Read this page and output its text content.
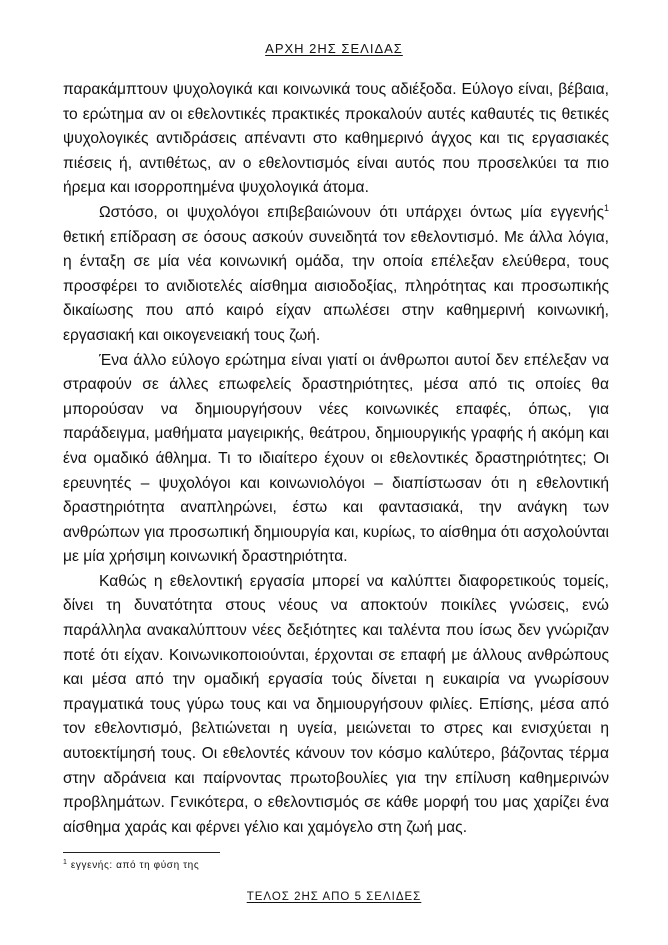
ΑΡΧΗ 2ΗΣ ΣΕΛΙΔΑΣ

παρακάμπτουν ψυχολογικά και κοινωνικά τους αδιέξοδα. Εύλογο είναι, βέβαια, το ερώτημα αν οι εθελοντικές πρακτικές προκαλούν αυτές καθαυτές τις θετικές ψυχολογικές αντιδράσεις απέναντι στο καθημερινό άγχος και τις εργασιακές πιέσεις ή, αντιθέτως, αν ο εθελοντισμός είναι αυτός που προσελκύει τα πιο ήρεμα και ισορροπημένα ψυχολογικά άτομα.

Ωστόσο, οι ψυχολόγοι επιβεβαιώνουν ότι υπάρχει όντως μία εγγενής$^1$ θετική επίδραση σε όσους ασκούν συνειδητά τον εθελοντισμό. Με άλλα λόγια, η ένταξη σε μία νέα κοινωνική ομάδα, την οποία επέλεξαν ελεύθερα, τους προσφέρει το ανιδιοτελές αίσθημα αισιοδοξίας, πληρότητας και προσωπικής δικαίωσης που από καιρό είχαν απωλέσει στην καθημερινή κοινωνική, εργασιακή και οικογενειακή τους ζωή.

Ένα άλλο εύλογο ερώτημα είναι γιατί οι άνθρωποι αυτοί δεν επέλεξαν να στραφούν σε άλλες επωφελείς δραστηριότητες, μέσα από τις οποίες θα μπορούσαν να δημιουργήσουν νέες κοινωνικές επαφές, όπως, για παράδειγμα, μαθήματα μαγειρικής, θεάτρου, δημιουργικής γραφής ή ακόμη και ένα ομαδικό άθλημα. Τι το ιδιαίτερο έχουν οι εθελοντικές δραστηριότητες; Οι ερευνητές – ψυχολόγοι και κοινωνιολόγοι – διαπίστωσαν ότι η εθελοντική δραστηριότητα αναπληρώνει, έστω και φαντασιακά, την ανάγκη των ανθρώπων για προσωπική δημιουργία και, κυρίως, το αίσθημα ότι ασχολούνται με μία χρήσιμη κοινωνική δραστηριότητα.

Καθώς η εθελοντική εργασία μπορεί να καλύπτει διαφορετικούς τομείς, δίνει τη δυνατότητα στους νέους να αποκτούν ποικίλες γνώσεις, ενώ παράλληλα ανακαλύπτουν νέες δεξιότητες και ταλέντα που ίσως δεν γνώριζαν ποτέ ότι είχαν. Κοινωνικοποιούνται, έρχονται σε επαφή με άλλους ανθρώπους και μέσα από την ομαδική εργασία τούς δίνεται η ευκαιρία να γνωρίσουν πραγματικά τους γύρω τους και να δημιουργήσουν φιλίες. Επίσης, μέσα από τον εθελοντισμό, βελτιώνεται η υγεία, μειώνεται το στρες και ενισχύεται η αυτοεκτίμησή τους. Οι εθελοντές κάνουν τον κόσμο καλύτερο, βάζοντας τέρμα στην αδράνεια και παίρνοντας πρωτοβουλίες για την επίλυση καθημερινών προβλημάτων. Γενικότερα, ο εθελοντισμός σε κάθε μορφή του μας χαρίζει ένα αίσθημα χαράς και φέρνει γέλιο και χαμόγελο στη ζωή μας.

$^1$ εγγενής: από τη φύση της
ΤΕΛΟΣ 2ΗΣ ΑΠΟ 5 ΣΕΛΙΔΕΣ
